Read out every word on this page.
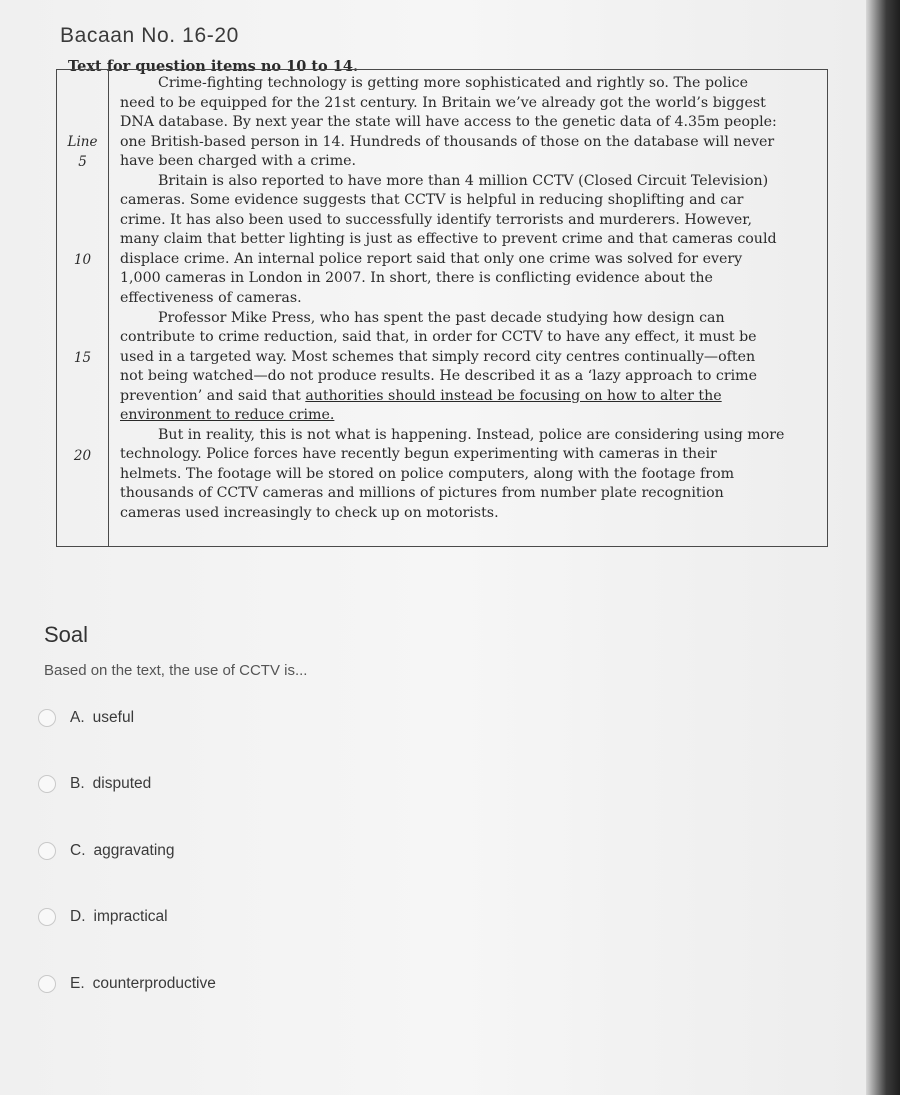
Bacaan No. 16-20
Text for question items no 10 to 14.
Line
5
10
15
20
Crime-fighting technology is getting more sophisticated and rightly so. The police
need to be equipped for the 21st century. In Britain we’ve already got the world’s biggest
DNA database. By next year the state will have access to the genetic data of 4.35m people:
one British-based person in 14. Hundreds of thousands of those on the database will never
have been charged with a crime.
Britain is also reported to have more than 4 million CCTV (Closed Circuit Television)
cameras. Some evidence suggests that CCTV is helpful in reducing shoplifting and car
crime. It has also been used to successfully identify terrorists and murderers. However,
many claim that better lighting is just as effective to prevent crime and that cameras could
displace crime. An internal police report said that only one crime was solved for every
1,000 cameras in London in 2007. In short, there is conflicting evidence about the
effectiveness of cameras.
Professor Mike Press, who has spent the past decade studying how design can
contribute to crime reduction, said that, in order for CCTV to have any effect, it must be
used in a targeted way. Most schemes that simply record city centres continually—often
not being watched—do not produce results. He described it as a ‘lazy approach to crime
prevention’ and said that authorities should instead be focusing on how to alter the
environment to reduce crime.
But in reality, this is not what is happening. Instead, police are considering using more
technology. Police forces have recently begun experimenting with cameras in their
helmets. The footage will be stored on police computers, along with the footage from
thousands of CCTV cameras and millions of pictures from number plate recognition
cameras used increasingly to check up on motorists.
Soal
Based on the text, the use of CCTV is...
A. useful
B. disputed
C. aggravating
D. impractical
E. counterproductive
